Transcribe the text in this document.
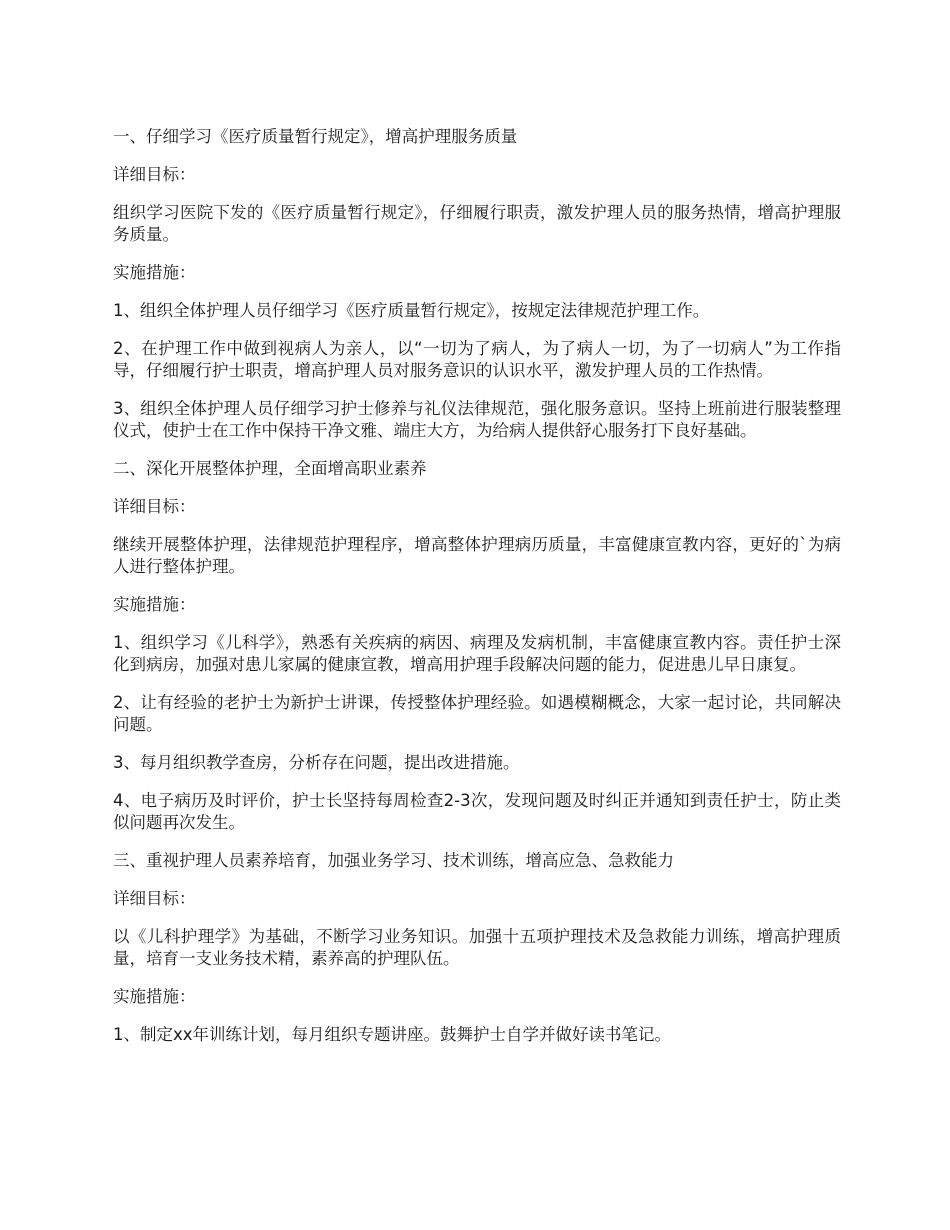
一、仔细学习《医疗质量暂行规定》，增高护理服务质量

详细目标：

组织学习医院下发的《医疗质量暂行规定》，仔细履行职责，激发护理人员的服务热情，增高护理服务质量。

实施措施：

1、组织全体护理人员仔细学习《医疗质量暂行规定》，按规定法律规范护理工作。

2、在护理工作中做到视病人为亲人，以“一切为了病人，为了病人一切，为了一切病人”为工作指导，仔细履行护士职责，增高护理人员对服务意识的认识水平，激发护理人员的工作热情。

3、组织全体护理人员仔细学习护士修养与礼仪法律规范，强化服务意识。坚持上班前进行服装整理仪式，使护士在工作中保持干净文雅、端庄大方，为给病人提供舒心服务打下良好基础。

二、深化开展整体护理，全面增高职业素养

详细目标：

继续开展整体护理，法律规范护理程序，增高整体护理病历质量，丰富健康宣教内容，更好的`为病人进行整体护理。

实施措施：

1、组织学习《儿科学》，熟悉有关疾病的病因、病理及发病机制，丰富健康宣教内容。责任护士深化到病房，加强对患儿家属的健康宣教，增高用护理手段解决问题的能力，促进患儿早日康复。

2、让有经验的老护士为新护士讲课，传授整体护理经验。如遇模糊概念，大家一起讨论，共同解决问题。

3、每月组织教学查房，分析存在问题，提出改进措施。

4、电子病历及时评价，护士长坚持每周检查2-3次，发现问题及时纠正并通知到责任护士，防止类似问题再次发生。

三、重视护理人员素养培育，加强业务学习、技术训练，增高应急、急救能力

详细目标：

以《儿科护理学》为基础，不断学习业务知识。加强十五项护理技术及急救能力训练，增高护理质量，培育一支业务技术精，素养高的护理队伍。

实施措施：

1、制定xx年训练计划，每月组织专题讲座。鼓舞护士自学并做好读书笔记。
